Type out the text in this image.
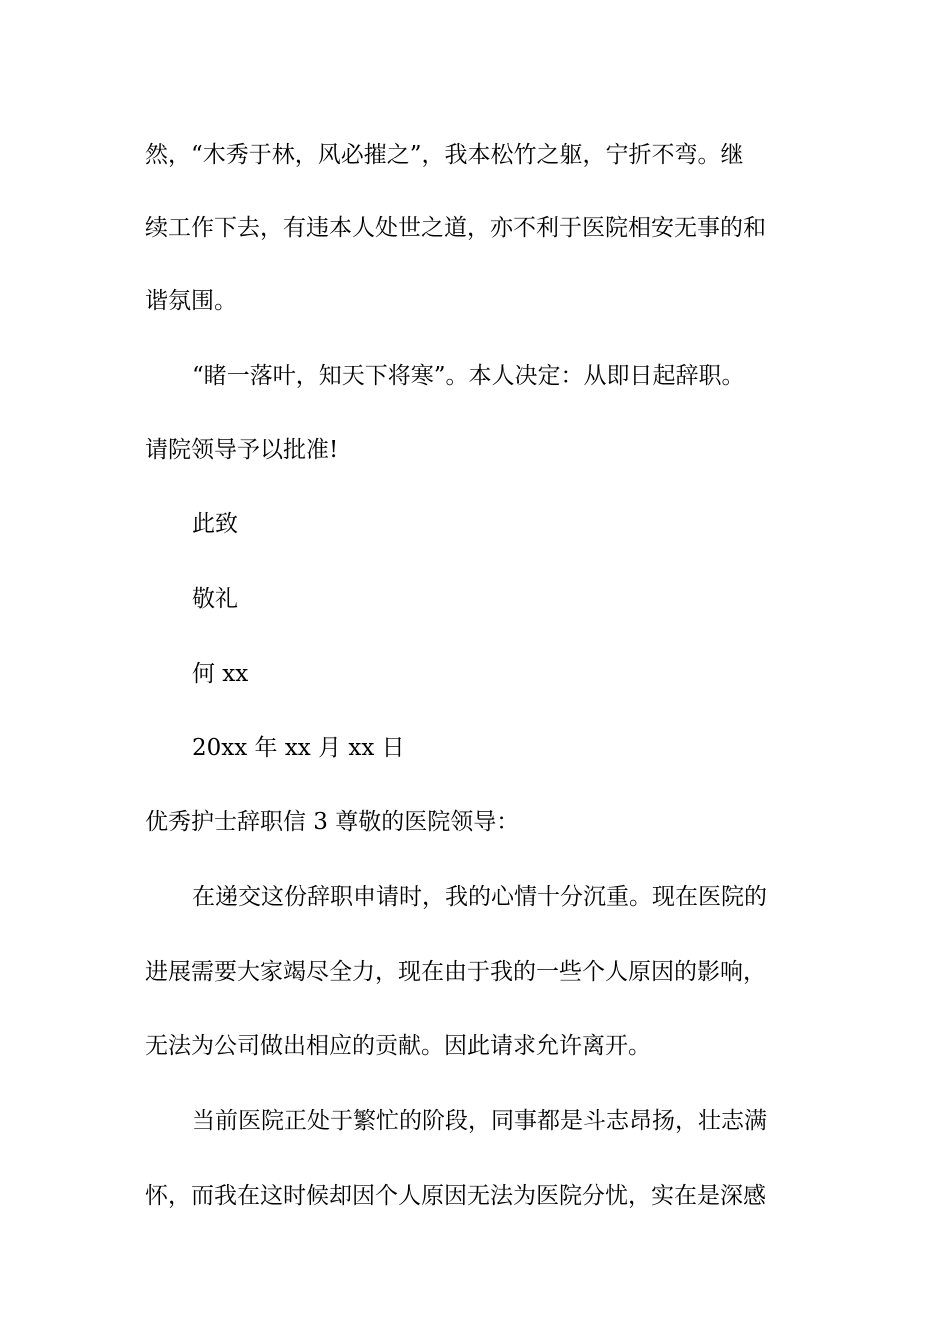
然，“木秀于林，风必摧之”，我本松竹之躯，宁折不弯。继
续工作下去，有违本人处世之道，亦不利于医院相安无事的和
谐氛围。
“睹一落叶，知天下将寒”。本人决定：从即日起辞职。
请院领导予以批准!
此致
敬礼
何 xx
20xx 年 xx 月 xx 日
优秀护士辞职信 3 尊敬的医院领导：
在递交这份辞职申请时，我的心情十分沉重。现在医院的
进展需要大家竭尽全力，现在由于我的一些个人原因的影响，
无法为公司做出相应的贡献。因此请求允许离开。
当前医院正处于繁忙的阶段，同事都是斗志昂扬，壮志满
怀，而我在这时候却因个人原因无法为医院分忧，实在是深感
